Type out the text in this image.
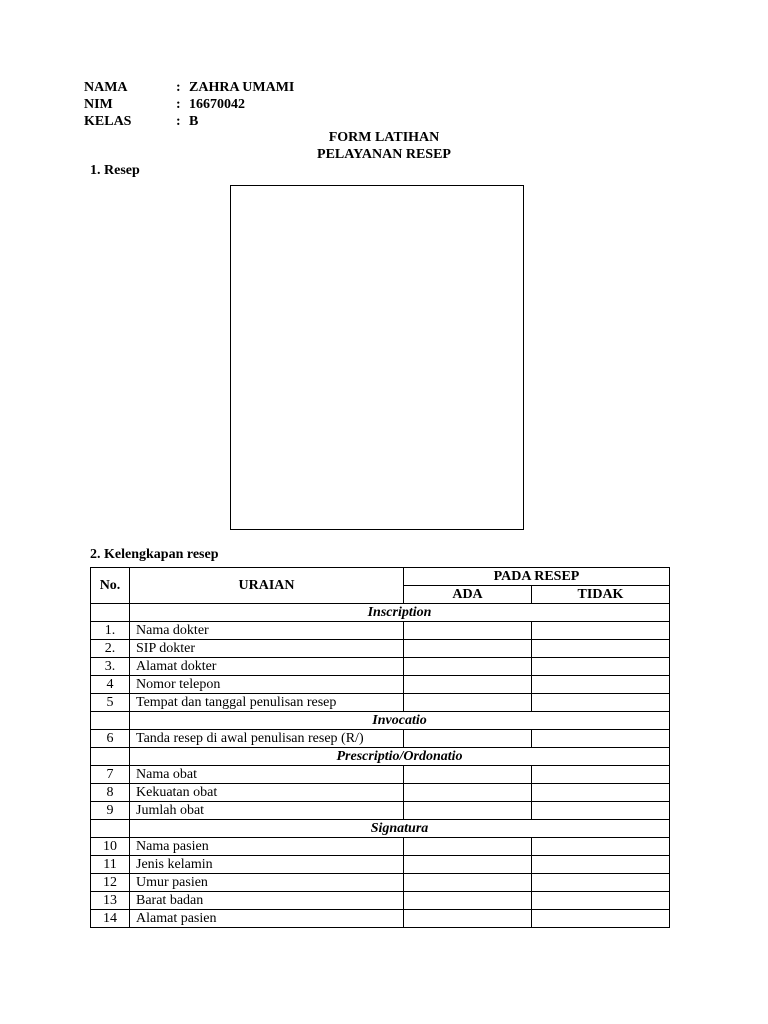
NAMA	: ZAHRA UMAMI
NIM	: 16670042
KELAS	: B
FORM LATIHAN
PELAYANAN RESEP
1. Resep
2. Kelengkapan resep
No.	URAIAN	PADA RESEP	
		ADA	TIDAK
	Inscription		
1.	Nama dokter		
2.	SIP dokter		
3.	Alamat dokter		
4	Nomor telepon		
5	Tempat dan tanggal penulisan resep		
	Invocatio		
6	Tanda resep di awal penulisan resep (R/)		
	Prescriptio/Ordonatio		
7	Nama obat		
8	Kekuatan obat		
9	Jumlah obat		
	Signatura		
10	Nama pasien		
11	Jenis kelamin		
12	Umur pasien		
13	Barat badan		
14	Alamat pasien		
